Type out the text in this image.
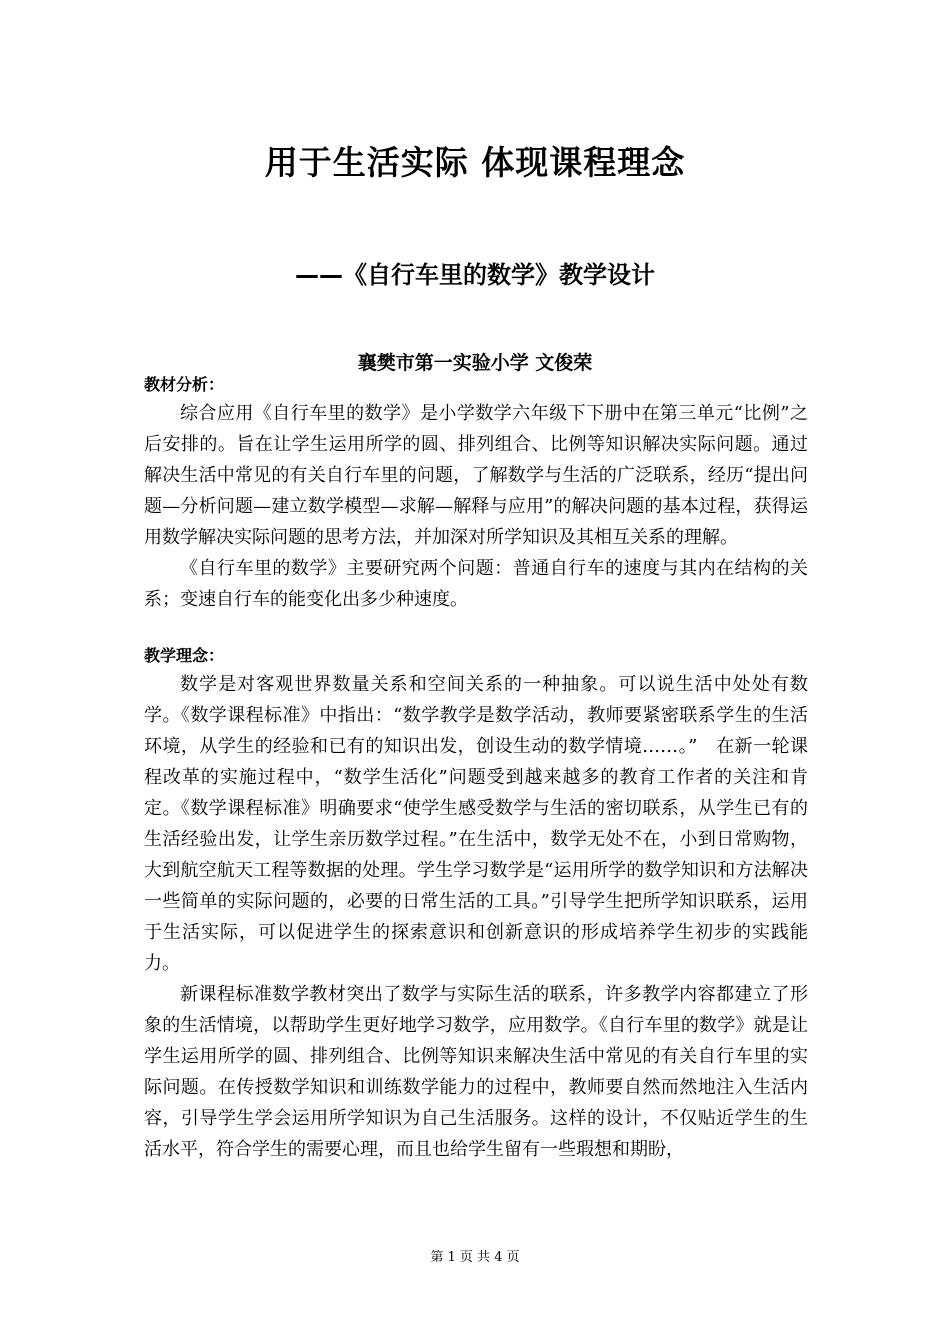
用于生活实际 体现课程理念
——《自行车里的数学》教学设计
襄樊市第一实验小学 文俊荣
教材分析：

综合应用《自行车里的数学》是小学数学六年级下下册中在第三单元“比例”之后安排的。旨在让学生运用所学的圆、排列组合、比例等知识解决实际问题。通过解决生活中常见的有关自行车里的问题，了解数学与生活的广泛联系，经历“提出问题—分析问题—建立数学模型—求解—解释与应用”的解决问题的基本过程，获得运用数学解决实际问题的思考方法，并加深对所学知识及其相互关系的理解。

《自行车里的数学》主要研究两个问题：普通自行车的速度与其内在结构的关系；变速自行车的能变化出多少种速度。

教学理念：

数学是对客观世界数量关系和空间关系的一种抽象。可以说生活中处处有数学。《数学课程标准》中指出：“数学教学是数学活动，教师要紧密联系学生的生活环境，从学生的经验和已有的知识出发，创设生动的数学情境……。”　在新一轮课程改革的实施过程中，“数学生活化”问题受到越来越多的教育工作者的关注和肯定。《数学课程标准》明确要求“使学生感受数学与生活的密切联系，从学生已有的生活经验出发，让学生亲历数学过程。”在生活中，数学无处不在，小到日常购物，大到航空航天工程等数据的处理。学生学习数学是“运用所学的数学知识和方法解决一些简单的实际问题的，必要的日常生活的工具。”引导学生把所学知识联系，运用于生活实际，可以促进学生的探索意识和创新意识的形成培养学生初步的实践能力。

新课程标准数学教材突出了数学与实际生活的联系，许多教学内容都建立了形象的生活情境，以帮助学生更好地学习数学，应用数学。《自行车里的数学》就是让学生运用所学的圆、排列组合、比例等知识来解决生活中常见的有关自行车里的实际问题。在传授数学知识和训练数学能力的过程中，教师要自然而然地注入生活内容，引导学生学会运用所学知识为自己生活服务。这样的设计，不仅贴近学生的生活水平，符合学生的需要心理，而且也给学生留有一些瑕想和期盼，

第 1 页 共 4 页
